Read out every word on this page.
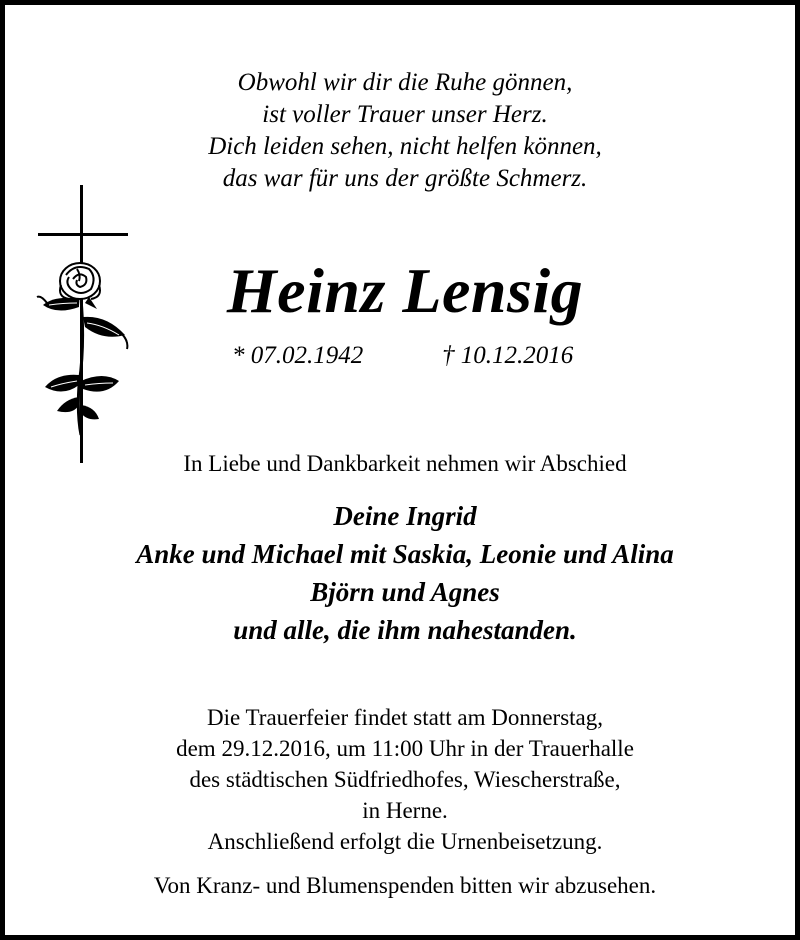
Obwohl wir dir die Ruhe gönnen,
ist voller Trauer unser Herz.
Dich leiden sehen, nicht helfen können,
das war für uns der größte Schmerz.
Heinz Lensig
* 07.02.1942	† 10.12.2016
In Liebe und Dankbarkeit nehmen wir Abschied
Deine Ingrid
Anke und Michael mit Saskia, Leonie und Alina
Björn und Agnes
und alle, die ihm nahestanden.
Die Trauerfeier findet statt am Donnerstag,
dem 29.12.2016, um 11:00 Uhr in der Trauerhalle
des städtischen Südfriedhofes, Wiescherstraße,
in Herne.
Anschließend erfolgt die Urnenbeisetzung.
Von Kranz- und Blumenspenden bitten wir abzusehen.
